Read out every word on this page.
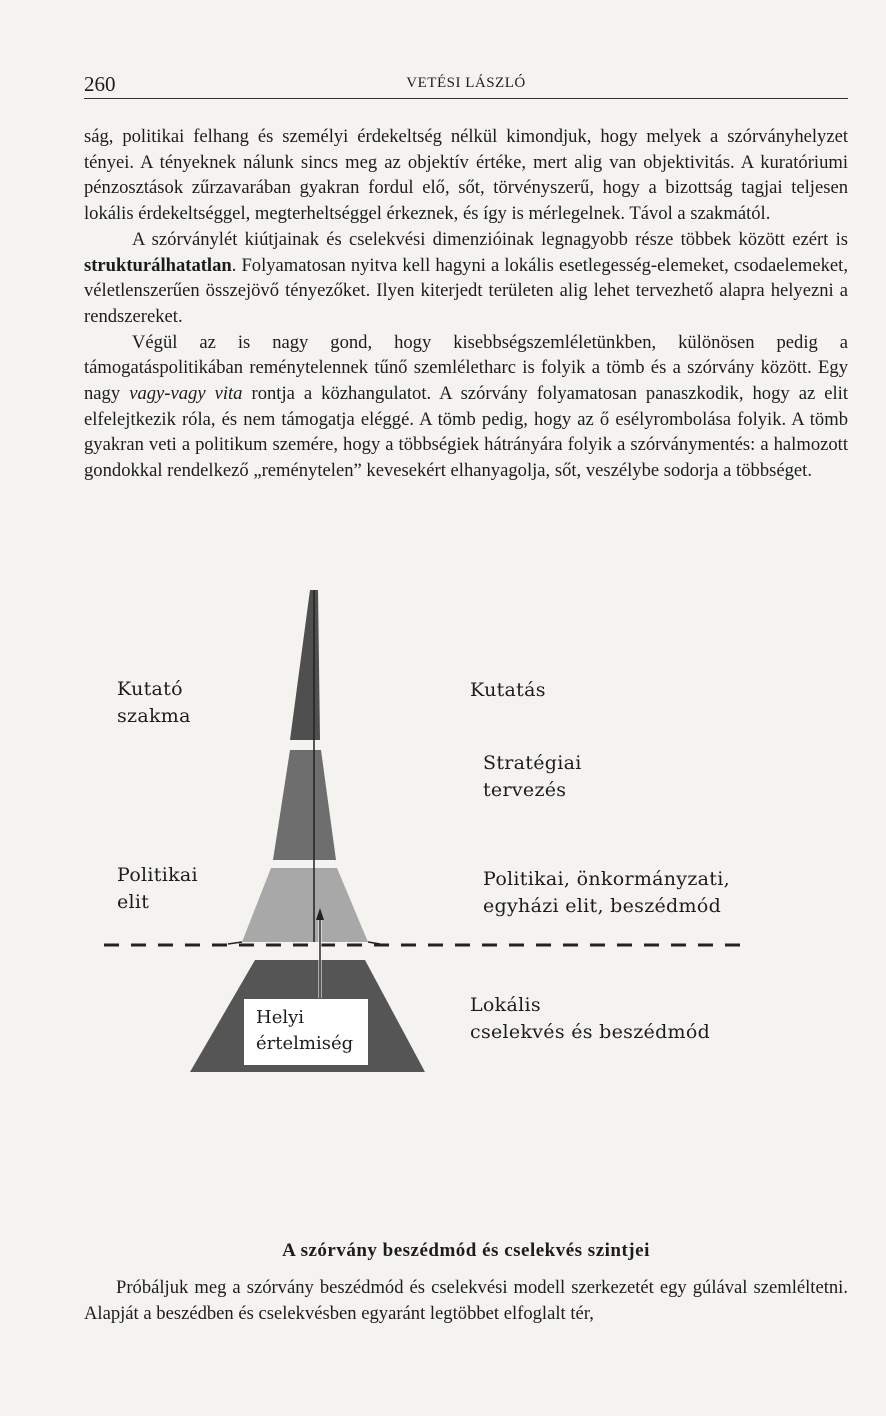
260	VETÉSI LÁSZLÓ

ság, politikai felhang és személyi érdekeltség nélkül kimondjuk, hogy melyek a szórványhelyzet tényei. A tényeknek nálunk sincs meg az objektív értéke, mert alig van objektivitás. A kuratóriumi pénzosztások zűrzavarában gyakran fordul elő, sőt, törvényszerű, hogy a bizottság tagjai teljesen lokális érdekeltséggel, megterheltséggel érkeznek, és így is mérlegelnek. Távol a szakmától.

A szórványlét kiútjainak és cselekvési dimenzióinak legnagyobb része többek között ezért is strukturálhatatlan. Folyamatosan nyitva kell hagyni a lokális esetlegesség-elemeket, csodaelemeket, véletlenszerűen összejövő tényezőket. Ilyen kiterjedt területen alig lehet tervezhető alapra helyezni a rendszereket.

Végül az is nagy gond, hogy kisebbségszemléletünkben, különösen pedig a támogatáspolitikában reménytelennek tűnő szemléletharc is folyik a tömb és a szórvány között. Egy nagy vagy-vagy vita rontja a közhangulatot. A szórvány folyamatosan panaszkodik, hogy az elit elfelejtkezik róla, és nem támogatja eléggé. A tömb pedig, hogy az ő esélyrombolása folyik. A tömb gyakran veti a politikum szemére, hogy a többségiek hátrányára folyik a szórványmentés: a halmozott gondokkal rendelkező „reménytelen” kevesekért elhanyagolja, sőt, veszélybe sodorja a többséget.

Kutató
szakma
Politikai
elit
Kutatás
Stratégiai
tervezés
Politikai, önkormányzati,
egyházi elit, beszédmód
Lokális
cselekvés és beszédmód
Helyi
értelmiség
A szórvány beszédmód és cselekvés szintjei

Próbáljuk meg a szórvány beszédmód és cselekvési modell szerkezetét egy gúlával szemléltetni. Alapját a beszédben és cselekvésben egyaránt legtöbbet elfoglalt tér,
